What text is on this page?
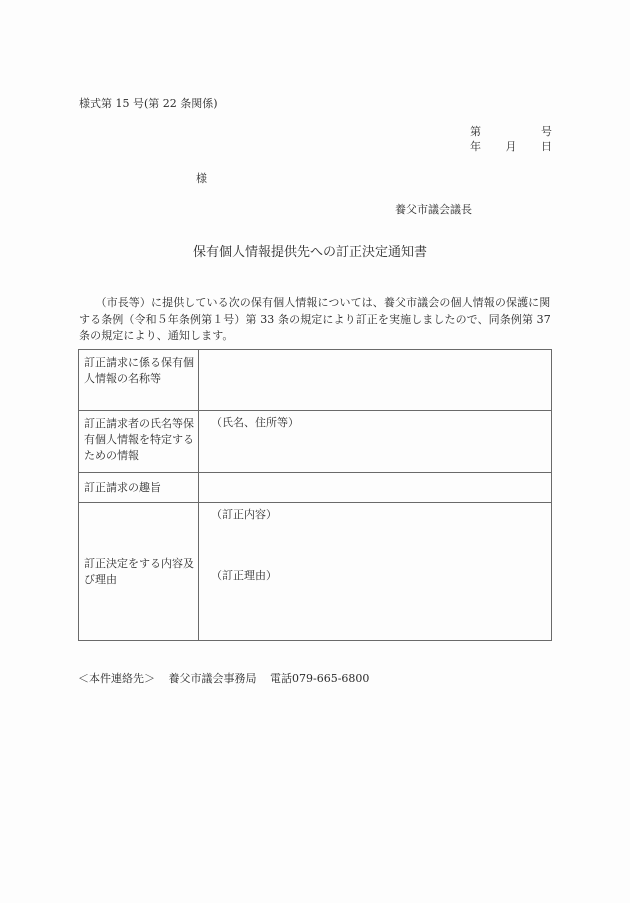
様式第 15 号(第 22 条関係)
第	号
年 月 日
様
養父市議会議長
保有個人情報提供先への訂正決定通知書
（市長等）に提供している次の保有個人情報については、養父市議会の個人情報の保護に関する条例（令和５年条例第１号）第 33 条の規定により訂正を実施しましたので、同条例第 37 条の規定により、通知します。
訂正請求に係る保有個人情報の名称等	
訂正請求者の氏名等保有個人情報を特定するための情報	（氏名、住所等）
訂正請求の趣旨	
訂正決定をする内容及び理由	（訂正内容）
（訂正理由）
＜本件連絡先＞ 養父市議会事務局 電話079-665-6800
